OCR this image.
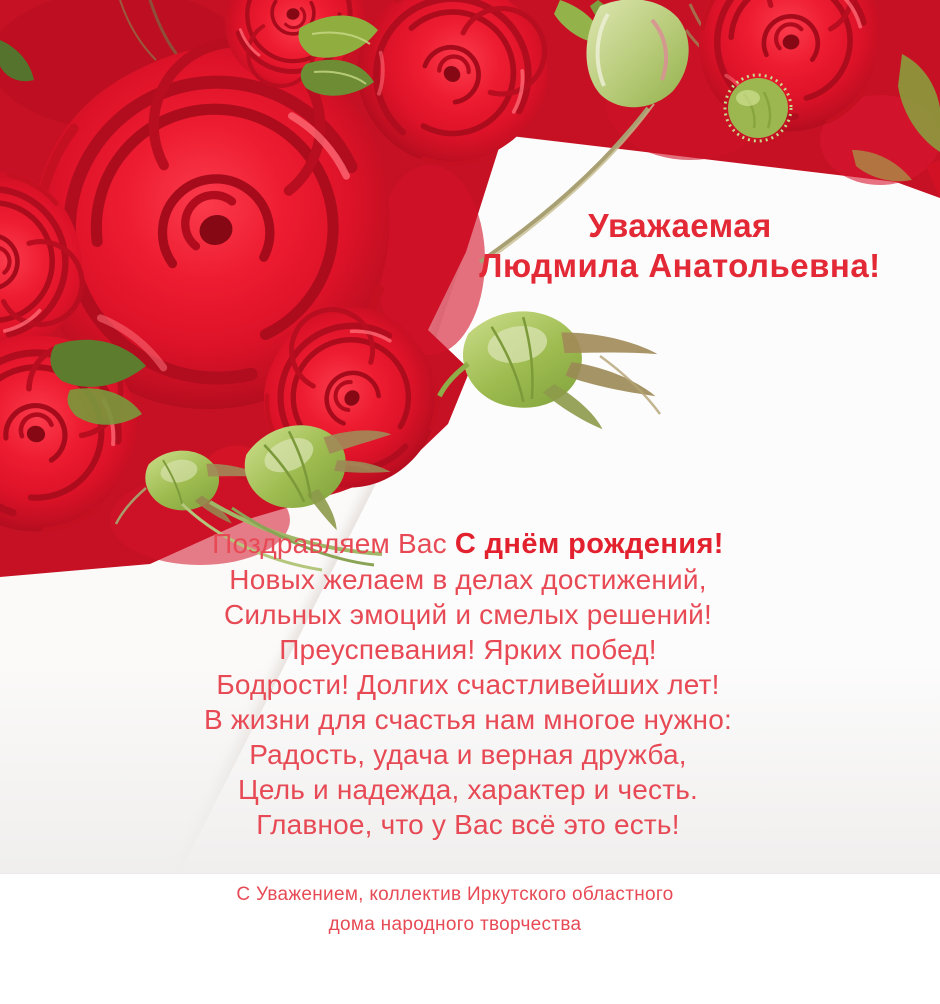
Уважаемая
Людмила Анатольевна!
Поздравляем Вас С днём рождения!
Новых желаем в делах достижений,
Сильных эмоций и смелых решений!
Преуспевания! Ярких побед!
Бодрости! Долгих счастливейших лет!
В жизни для счастья нам многое нужно:
Радость, удача и верная дружба,
Цель и надежда, характер и честь.
Главное, что у Вас всё это есть!
С Уважением, коллектив Иркутского областного
дома народного творчества
